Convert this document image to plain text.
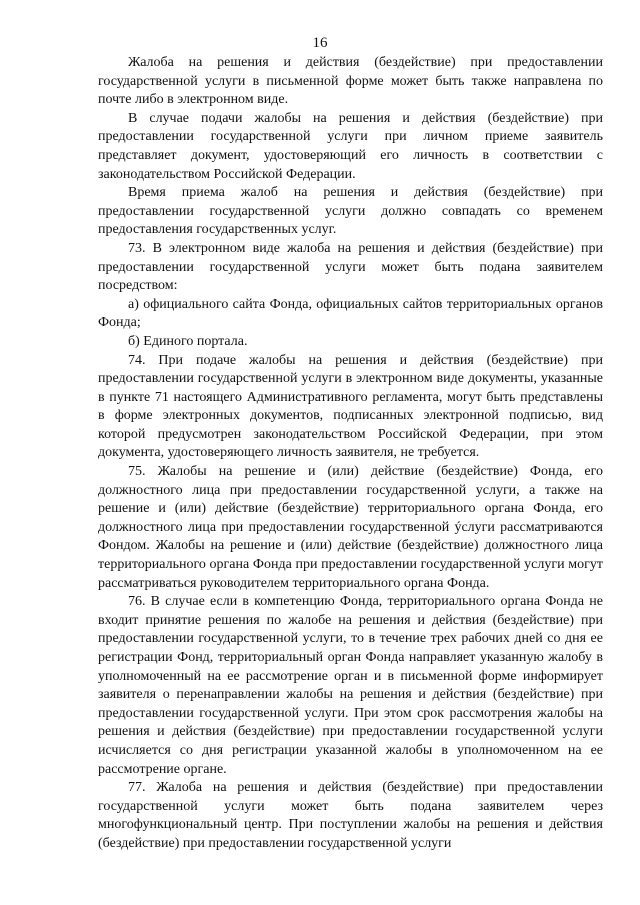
16

Жалоба на решения и действия (бездействие) при предоставлении государственной услуги в письменной форме может быть также направлена по почте либо в электронном виде.

В случае подачи жалобы на решения и действия (бездействие) при предоставлении государственной услуги при личном приеме заявитель представляет документ, удостоверяющий его личность в соответствии с законодательством Российской Федерации.

Время приема жалоб на решения и действия (бездействие) при предоставлении государственной услуги должно совпадать со временем предоставления государственных услуг.

73. В электронном виде жалоба на решения и действия (бездействие) при предоставлении государственной услуги может быть подана заявителем посредством:

а) официального сайта Фонда, официальных сайтов территориальных органов Фонда;

б) Единого портала.

74. При подаче жалобы на решения и действия (бездействие) при предоставлении государственной услуги в электронном виде документы, указанные в пункте 71 настоящего Административного регламента, могут быть представлены в форме электронных документов, подписанных электронной подписью, вид которой предусмотрен законодательством Российской Федерации, при этом документа, удостоверяющего личность заявителя, не требуется.

75. Жалобы на решение и (или) действие (бездействие) Фонда, его должностного лица при предоставлении государственной услуги, а также на решение и (или) действие (бездействие) территориального органа Фонда, его должностного лица при предоставлении государственной ýслуги рассматриваются Фондом. Жалобы на решение и (или) действие (бездействие) должностного лица территориального органа Фонда при предоставлении государственной услуги могут рассматриваться руководителем территориального органа Фонда.

76. В случае если в компетенцию Фонда, территориального органа Фонда не входит принятие решения по жалобе на решения и действия (бездействие) при предоставлении государственной услуги, то в течение трех рабочих дней со дня ее регистрации Фонд, территориальный орган Фонда направляет указанную жалобу в уполномоченный на ее рассмотрение орган и в письменной форме информирует заявителя о перенаправлении жалобы на решения и действия (бездействие) при предоставлении государственной услуги. При этом срок рассмотрения жалобы на решения и действия (бездействие) при предоставлении государственной услуги исчисляется со дня регистрации указанной жалобы в уполномоченном на ее рассмотрение органе.

77. Жалоба на решения и действия (бездействие) при предоставлении государственной услуги может быть подана заявителем через многофункциональный центр. При поступлении жалобы на решения и действия (бездействие) при предоставлении государственной услуги
